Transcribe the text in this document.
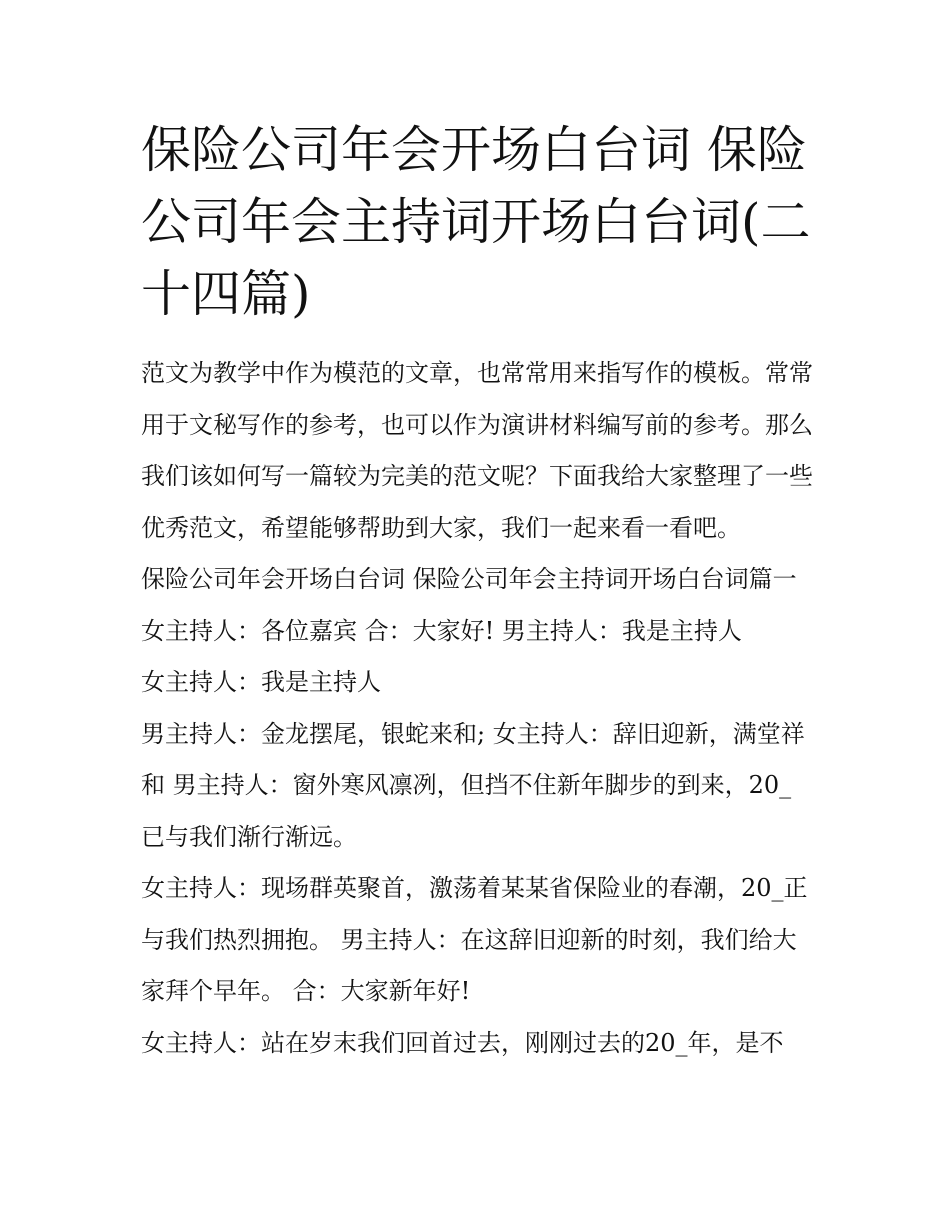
保险公司年会开场白台词 保险公司年会主持词开场白台词(二十四篇)

范文为教学中作为模范的文章，也常常用来指写作的模板。常常用于文秘写作的参考，也可以作为演讲材料编写前的参考。那么我们该如何写一篇较为完美的范文呢？下面我给大家整理了一些优秀范文，希望能够帮助到大家，我们一起来看一看吧。

保险公司年会开场白台词 保险公司年会主持词开场白台词篇一 女主持人：各位嘉宾 合：大家好! 男主持人：我是主持人

女主持人：我是主持人

男主持人：金龙摆尾，银蛇来和; 女主持人：辞旧迎新，满堂祥和 男主持人：窗外寒风凛冽，但挡不住新年脚步的到来，20_已与我们渐行渐远。

女主持人：现场群英聚首，激荡着某某省保险业的春潮，20_正与我们热烈拥抱。 男主持人：在这辞旧迎新的时刻，我们给大家拜个早年。 合：大家新年好!

女主持人：站在岁末我们回首过去，刚刚过去的20_年，是不
